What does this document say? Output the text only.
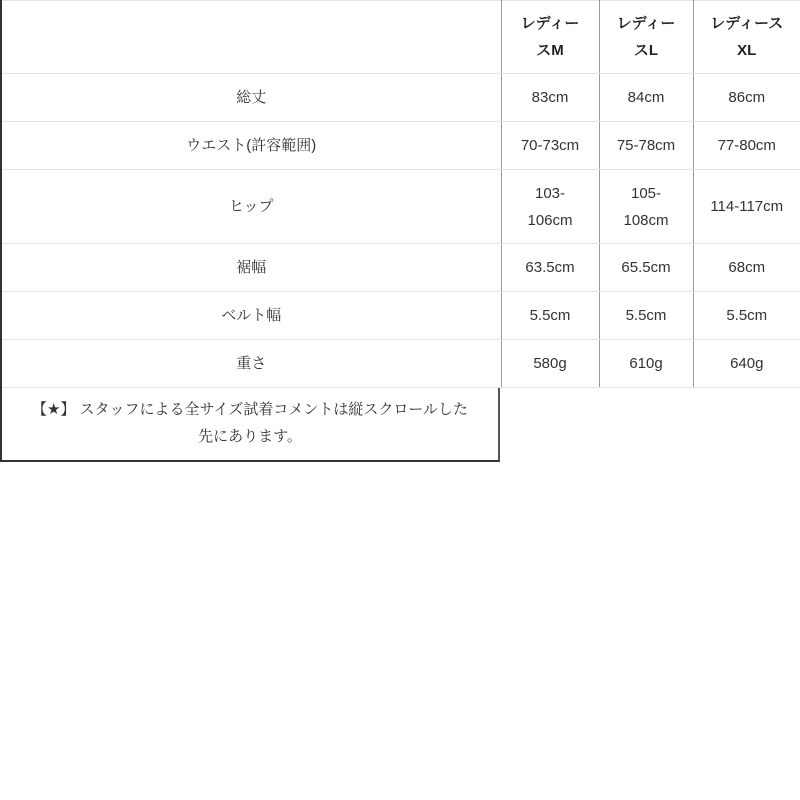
	レディースM	レディースL	レディースXL
総丈	83cm	84cm	86cm
ウエスト(許容範囲)	70-73cm	75-78cm	77-80cm
ヒップ	103-106cm	105-108cm	114-117cm
裾幅	63.5cm	65.5cm	68cm
ベルト幅	5.5cm	5.5cm	5.5cm
重さ	580g	610g	640g
【★】 スタッフによる全サイズ試着コメントは縦スクロールした先にあります。
